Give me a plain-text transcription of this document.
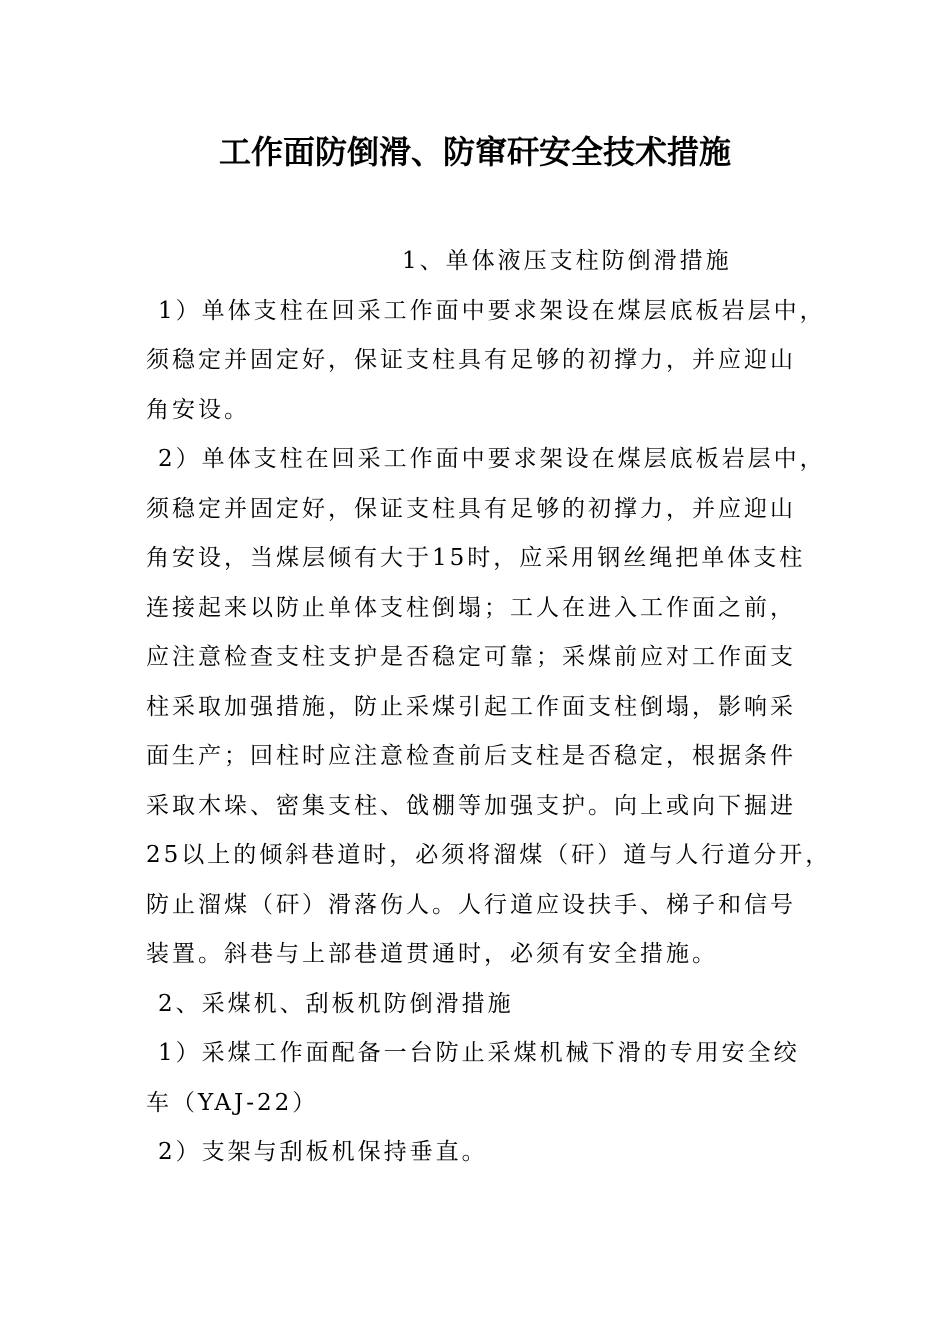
工作面防倒滑、防窜矸安全技术措施
1、单体液压支柱防倒滑措施
1）单体支柱在回采工作面中要求架设在煤层底板岩层中，
须稳定并固定好，保证支柱具有足够的初撑力，并应迎山
角安设。
2）单体支柱在回采工作面中要求架设在煤层底板岩层中，
须稳定并固定好，保证支柱具有足够的初撑力，并应迎山
角安设，当煤层倾有大于15时，应采用钢丝绳把单体支柱
连接起来以防止单体支柱倒塌；工人在进入工作面之前，
应注意检查支柱支护是否稳定可靠；采煤前应对工作面支
柱采取加强措施，防止采煤引起工作面支柱倒塌，影响采
面生产；回柱时应注意检查前后支柱是否稳定，根据条件
采取木垛、密集支柱、戗棚等加强支护。向上或向下掘进
25以上的倾斜巷道时，必须将溜煤（矸）道与人行道分开，
防止溜煤（矸）滑落伤人。人行道应设扶手、梯子和信号
装置。斜巷与上部巷道贯通时，必须有安全措施。
2、采煤机、刮板机防倒滑措施
1）采煤工作面配备一台防止采煤机械下滑的专用安全绞
车（YAJ-22）
2）支架与刮板机保持垂直。
